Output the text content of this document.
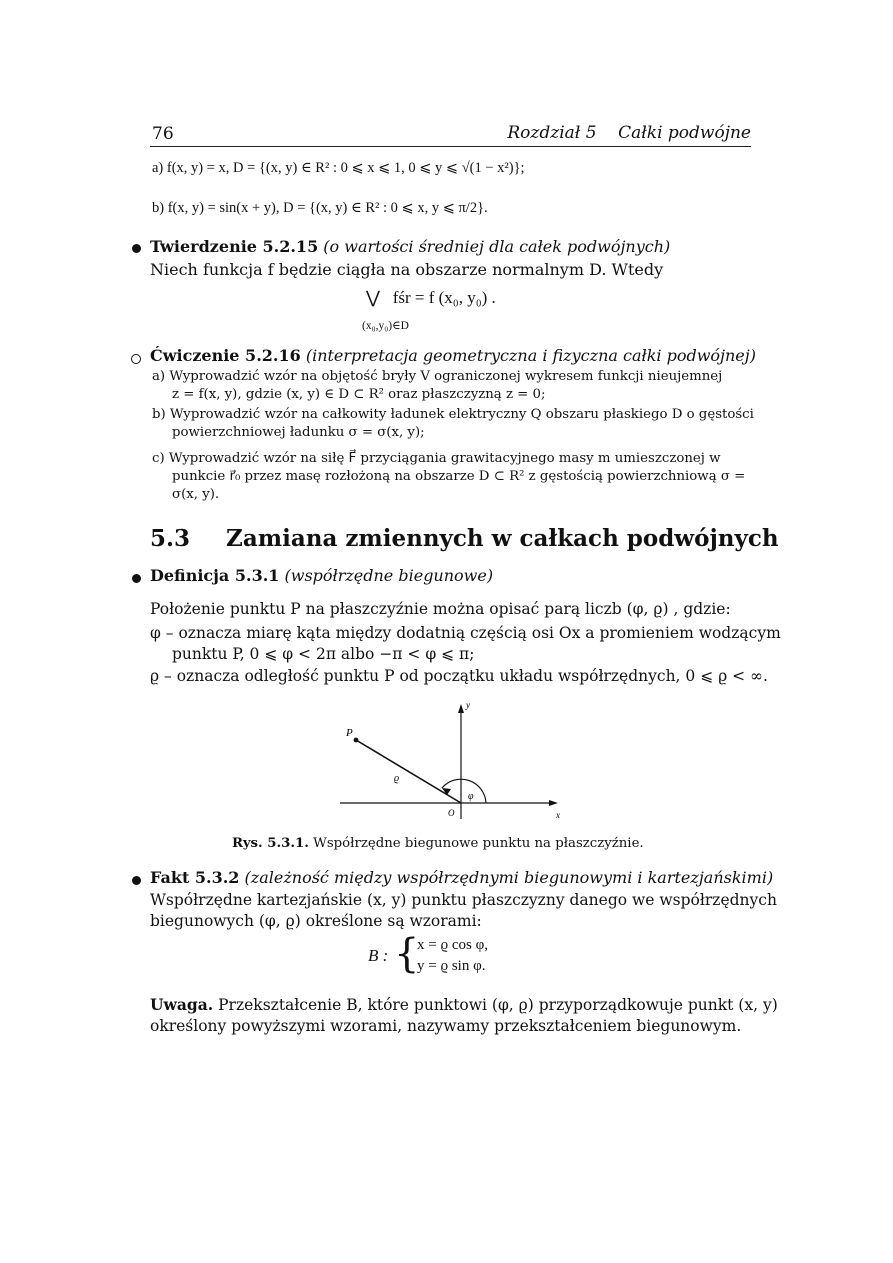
76	Rozdział 5    Całki podwójne
a) f(x, y) = x, D = {(x, y) ∈ R² : 0 ⩽ x ⩽ 1, 0 ⩽ y ⩽ √(1 − x²)};
b) f(x, y) = sin(x + y), D = {(x, y) ∈ R² : 0 ⩽ x, y ⩽ π/2}.
Twierdzenie 5.2.15 (o wartości średniej dla całek podwójnych)
Niech funkcja f będzie ciągła na obszarze normalnym D. Wtedy
⋁   fśr = f (x₀, y₀) .
(x₀,y₀)∈D
Ćwiczenie 5.2.16 (interpretacja geometryczna i fizyczna całki podwójnej)
a) Wyprowadzić wzór na objętość bryły V ograniczonej wykresem funkcji nieujemnej
z = f(x, y), gdzie (x, y) ∈ D ⊂ R² oraz płaszczyzną z = 0;
b) Wyprowadzić wzór na całkowity ładunek elektryczny Q obszaru płaskiego D o gęstości
powierzchniowej ładunku σ = σ(x, y);
c) Wyprowadzić wzór na siłę F⃗ przyciągania grawitacyjnego masy m umieszczonej w
punkcie r⃗₀ przez masę rozłożoną na obszarze D ⊂ R² z gęstością powierzchniową σ =
σ(x, y).
5.3 Zamiana zmiennych w całkach podwójnych
Definicja 5.3.1 (współrzędne biegunowe)
Położenie punktu P na płaszczyźnie można opisać parą liczb (φ, ϱ) , gdzie:
φ – oznacza miarę kąta między dodatnią częścią osi Ox a promieniem wodzącym
punktu P, 0 ⩽ φ < 2π albo −π < φ ⩽ π;
ϱ – oznacza odległość punktu P od początku układu współrzędnych, 0 ⩽ ϱ < ∞.
P
ϱ
φ
O	x
y
Rys. 5.3.1. Współrzędne biegunowe punktu na płaszczyźnie.
Fakt 5.3.2 (zależność między współrzędnymi biegunowymi i kartezjańskimi)
Współrzędne kartezjańskie (x, y) punktu płaszczyzny danego we współrzędnych
biegunowych (φ, ϱ) określone są wzorami:
B : {
x = ϱ cos φ,
y = ϱ sin φ.
Uwaga. Przekształcenie B, które punktowi (φ, ϱ) przyporządkowuje punkt (x, y)
określony powyższymi wzorami, nazywamy przekształceniem biegunowym.
